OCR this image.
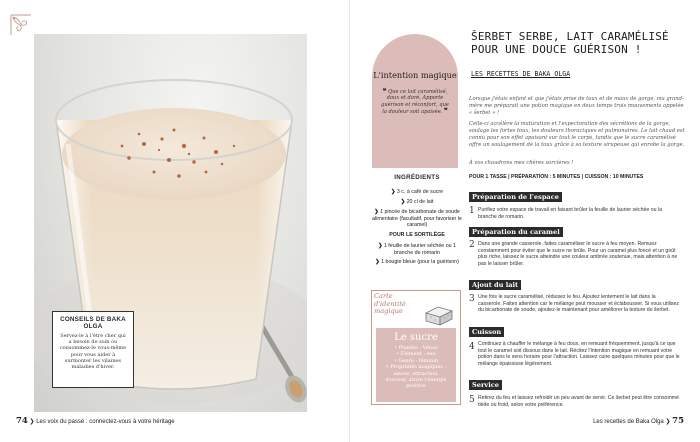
CONSEILS DE BAKA OLGA
Servez-le à l'être cher qui a besoin de soin ou consommez-le vous-même pour vous aider à surmonter les vilaines maladies d'hiver.
74 ❯ Les voix du passé : connectez-vous à votre héritage
L'intention magique
❝ Que ce lait caramélisé, doux et doré, Apporte guérison et réconfort, que la douleur soit apaisée. ❞
INGRÉDIENTS
❯ 3 c. à café de sucre
❯ 20 cl de lait
❯ 1 pincée de bicarbonate de soude alimentaire (facultatif, pour favoriser le caramel)
POUR LE SORTILÈGE
❯ 1 feuille de laurier séchée ou 1 branche de romarin
❯ 1 bougie bleue (pour la guérison)
Carte d'identité magique
Le sucre
• Planète : Vénus
• Élément : eau
• Genre : féminin
• Propriétés magiques : amour, attraction, douceur, attire l'énergie positive
ŠERBET SERBE, LAIT CARAMÉLISÉ POUR UNE DOUCE GUÉRISON !
LES RECETTES DE BAKA OLGA
Lorsque j'étais enfant et que j'étais prise de toux et de maux de gorge, ma grand-mère me préparait une potion magique en deux temps trois mouvements appelée « šerbet » !
Celle-ci accélère la maturation et l'expectoration des sécrétions de la gorge, soulage les fortes toux, les douleurs thoraciques et pulmonaires. Le lait chaud est connu pour son effet apaisant sur tout le corps, tandis que le sucre caramélisé offre un soulagement de la toux grâce à sa texture sirupeuse qui enrobe la gorge.
À vos chaudrons mes chères sorcières !
POUR 1 TASSE | PRÉPARATION : 5 MINUTES | CUISSON : 10 MINUTES
Préparation de l'espace
1 Purifiez votre espace de travail en faisant brûler la feuille de laurier séchée ou la branche de romarin.
Préparation du caramel
2 Dans une grande casserole, faites caraméliser le sucre à feu moyen. Remuez constamment pour éviter que le sucre ne brûle. Pour un caramel plus foncé et un goût plus riche, laissez le sucre atteindre une couleur ambrée soutenue, mais attention à ne pas le laisser brûler.
Ajout du lait
3 Une fois le sucre caramélisé, réduisez le feu. Ajoutez lentement le lait dans la casserole. Faites attention car le mélange peut mousser et éclabousser. Si vous utilisez du bicarbonate de soude, ajoutez-le maintenant pour améliorer la texture du šerbet.
Cuisson
4 Continuez à chauffer le mélange à feu doux, en remuant fréquemment, jusqu'à ce que tout le caramel soit dissous dans le lait. Récitez l'intention magique en remuant votre potion dans le sens horaire pour l'attraction. Laissez cuire quelques minutes pour que le mélange épaississe légèrement.
Service
5 Retirez du feu et laissez refroidir un peu avant de servir. Ce šerbet peut être consommé tiède ou froid, selon votre préférence.
Les recettes de Baka Olga ❯ 75
